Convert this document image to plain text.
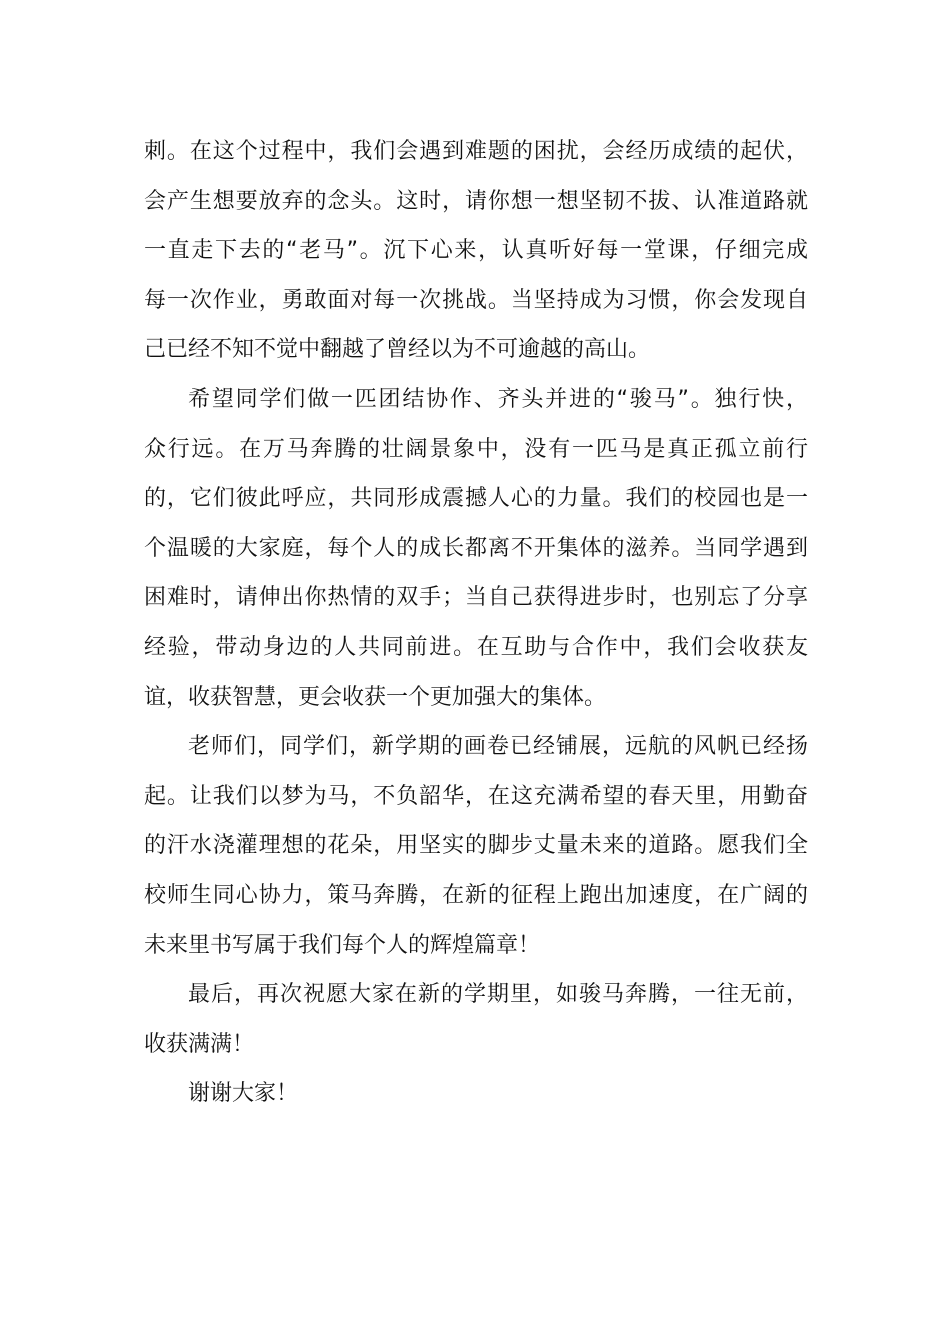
刺。在这个过程中，我们会遇到难题的困扰，会经历成绩的起伏，
会产生想要放弃的念头。这时，请你想一想坚韧不拔、认准道路就
一直走下去的“老马”。沉下心来，认真听好每一堂课，仔细完成
每一次作业，勇敢面对每一次挑战。当坚持成为习惯，你会发现自
己已经不知不觉中翻越了曾经以为不可逾越的高山。
希望同学们做一匹团结协作、齐头并进的“骏马”。独行快，
众行远。在万马奔腾的壮阔景象中，没有一匹马是真正孤立前行
的，它们彼此呼应，共同形成震撼人心的力量。我们的校园也是一
个温暖的大家庭，每个人的成长都离不开集体的滋养。当同学遇到
困难时，请伸出你热情的双手；当自己获得进步时，也别忘了分享
经验，带动身边的人共同前进。在互助与合作中，我们会收获友
谊，收获智慧，更会收获一个更加强大的集体。
老师们，同学们，新学期的画卷已经铺展，远航的风帆已经扬
起。让我们以梦为马，不负韶华，在这充满希望的春天里，用勤奋
的汗水浇灌理想的花朵，用坚实的脚步丈量未来的道路。愿我们全
校师生同心协力，策马奔腾，在新的征程上跑出加速度，在广阔的
未来里书写属于我们每个人的辉煌篇章！
最后，再次祝愿大家在新的学期里，如骏马奔腾，一往无前，
收获满满！
谢谢大家！
